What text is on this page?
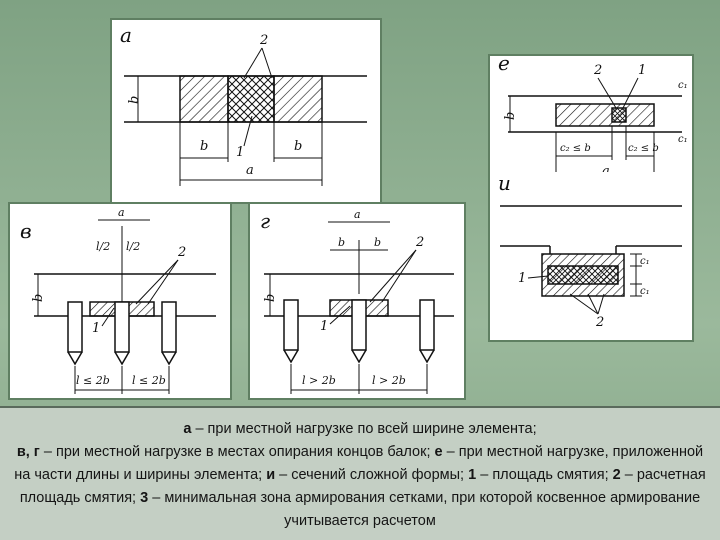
а
b
2
b	b
1
a
е
b
2	1
c₁
c₁
c₂ ≤ b	c₂ ≤ b
в
a
l/2 l/2
b
2
1
l ≤ 2b l ≤ 2b
г	a
b	b
b
2
1
l > 2b	l > 2b
и
c₁
c₁
1
2
а – при местной нагрузке по всей ширине элемента;
в, г – при местной нагрузке в местах опирания концов балок; е – при местной нагрузке, приложенной на части длины и ширины элемента; и – сечений сложной формы; 1 – площадь смятия; 2 – расчетная площадь смятия; 3 – минимальная зона армирования сетками, при которой косвенное армирование учитывается расчетом
